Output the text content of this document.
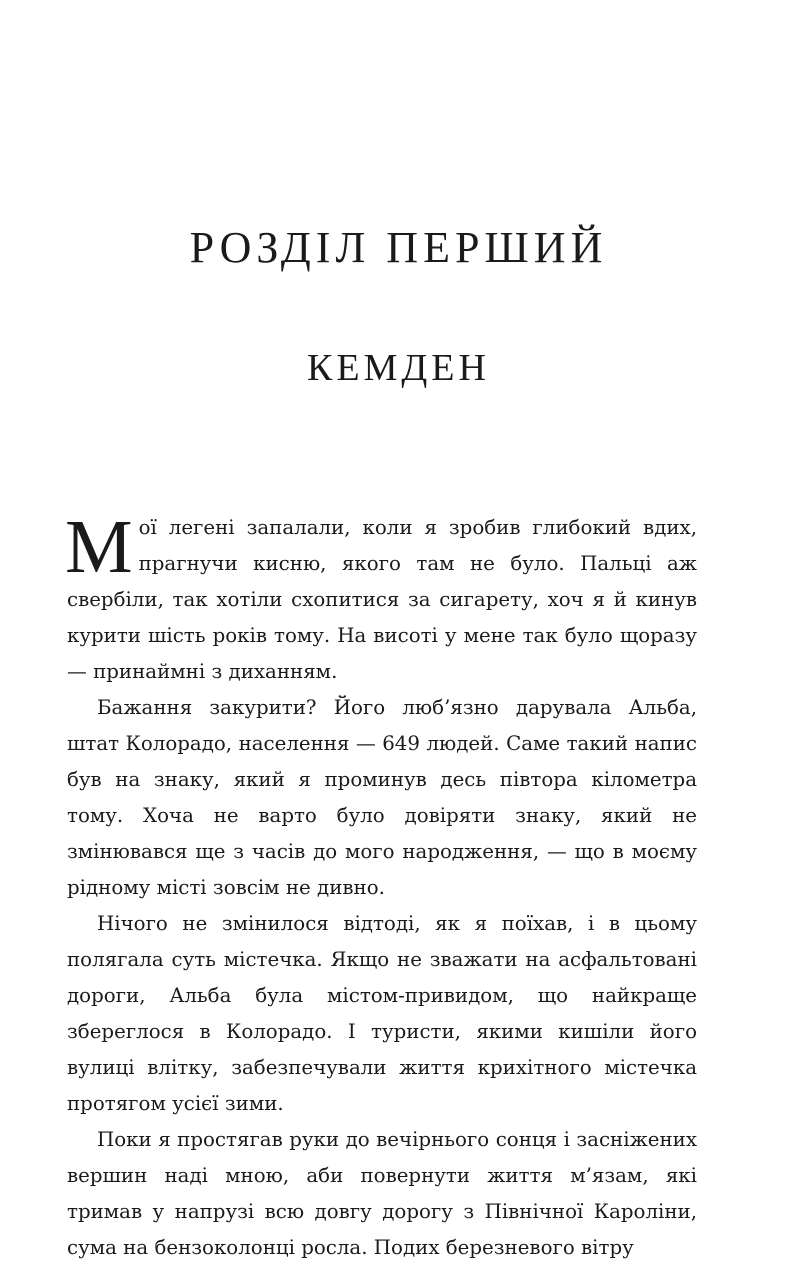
РОЗДІЛ ПЕРШИЙ
КЕМДЕН

Мої легені запалали, коли я зробив глибокий вдих, прагнучи кисню, якого там не було. Пальці аж свербіли, так хотіли схопитися за сигарету, хоч я й кинув курити шість років тому. На висоті у мене так було щоразу — принаймні з диханням.

Бажання закурити? Його люб’язно дарувала Альба, штат Колорадо, населення — 649 людей. Саме такий напис був на знаку, який я проминув десь півтора кілометра тому. Хоча не варто було довіряти знаку, який не змінювався ще з часів до мого народження, — що в моєму рідному місті зовсім не дивно.

Нічого не змінилося відтоді, як я поїхав, і в цьому полягала суть містечка. Якщо не зважати на асфальтовані дороги, Альба була містом-привидом, що найкраще збереглося в Колорадо. І туристи, якими кишіли його вулиці влітку, забезпечували життя крихітного містечка протягом усієї зими.

Поки я простягав руки до вечірнього сонця і засніжених вершин наді мною, аби повернути життя м’язам, які тримав у напрузі всю довгу дорогу з Північної Кароліни, сума на бензоколонці росла. Подих березневого вітру
